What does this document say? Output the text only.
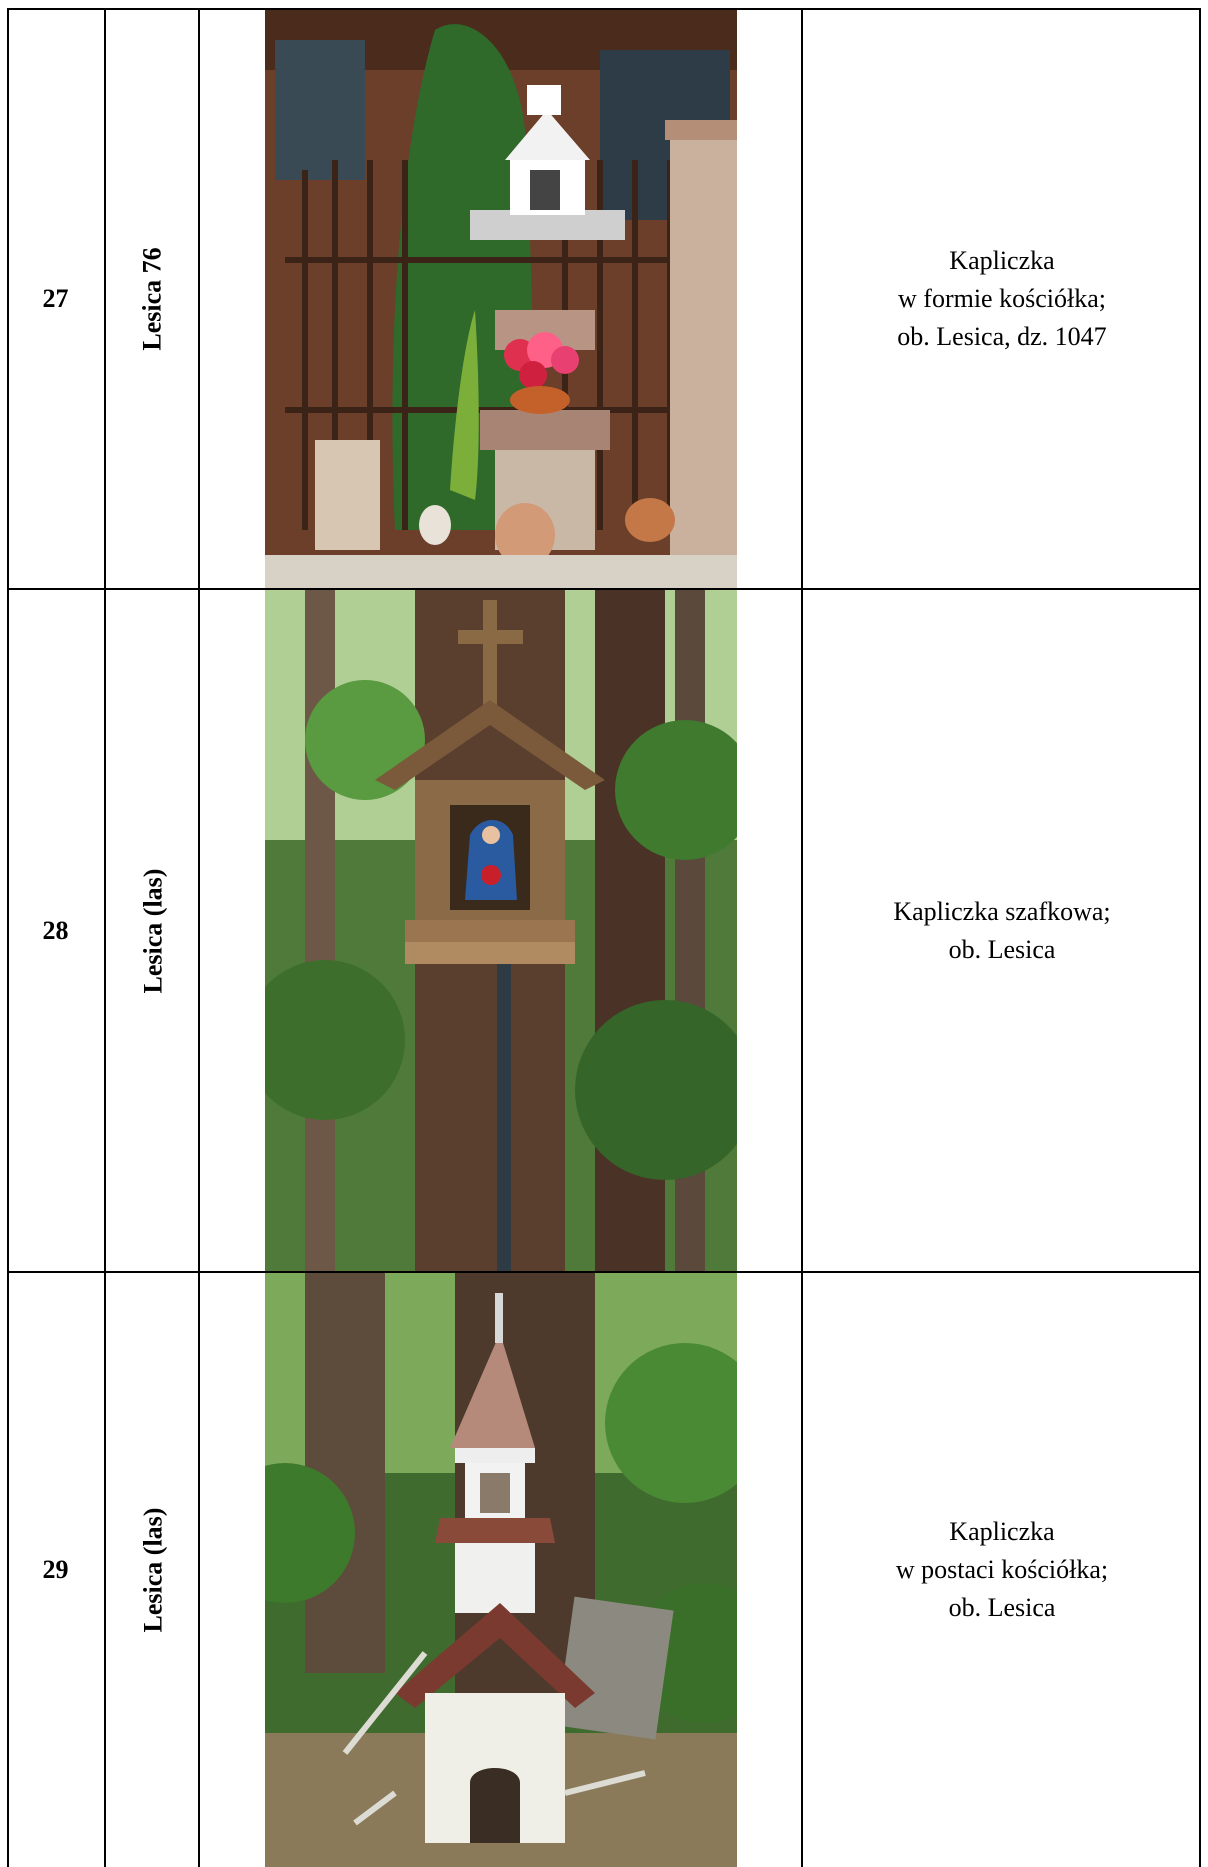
27	Lesica 76	Kapliczka
w formie kościółka;
ob. Lesica, dz. 1047
28	Lesica (las)	Kapliczka szafkowa;
ob. Lesica
29	Lesica (las)	Kapliczka
w postaci kościółka;
ob. Lesica
